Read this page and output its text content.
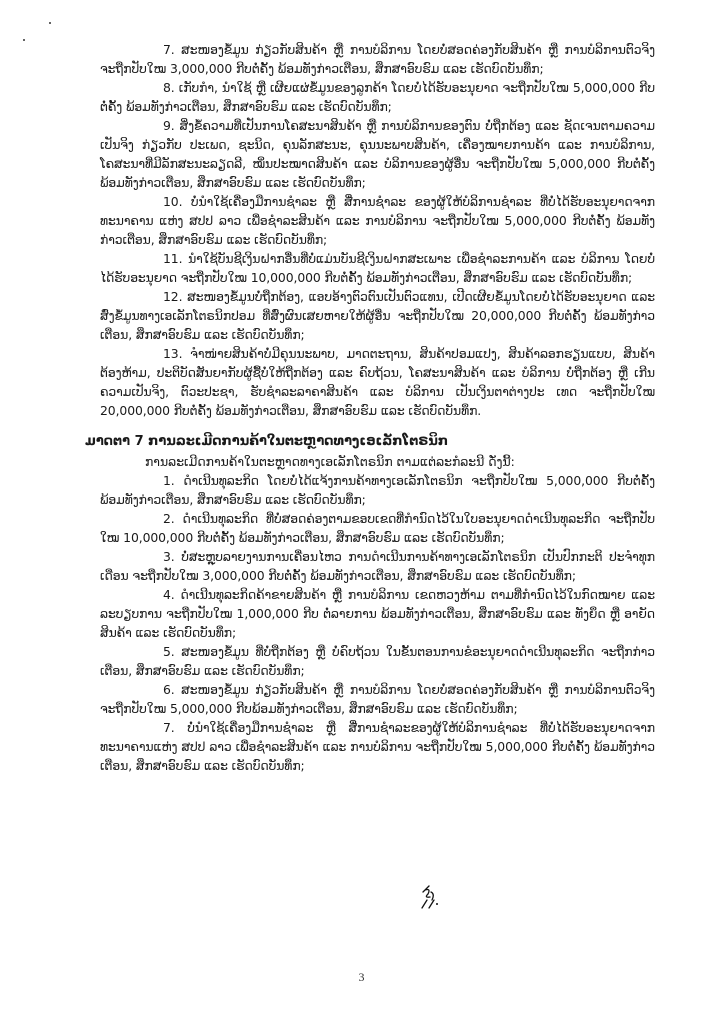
7. ສະໜອງຂໍ້ມູນ ກ່ຽວກັບສິນຄ້າ ຫຼື ການບໍລິການ ໂດຍບໍ່ສອດຄ່ອງກັບສິນຄ້າ ຫຼື ການບໍລິການຕົວຈິງ ຈະຖືກປັບໃໝ 3,000,000 ກີບຕໍ່ຄັ້ງ ພ້ອມທັງກ່າວເຕືອນ, ສຶກສາອົບຮົມ ແລະ ເຮັດບົດບັນທຶກ;

8. ເກັບກໍາ, ນໍາໃຊ້ ຫຼື ເຜີຍແຜ່ຂໍ້ມູນຂອງລູກຄ້າ ໂດຍບໍ່ໄດ້ຮັບອະນຸຍາດ ຈະຖືກປັບໃໝ 5,000,000 ກີບຕໍ່ຄັ້ງ ພ້ອມທັງກ່າວເຕືອນ, ສຶກສາອົບຮົມ ແລະ ເຮັດບົດບັນທຶກ;

9. ສິ່ງຂໍ້ຄວາມທີ່ເປັນການໂຄສະນາສິນຄ້າ ຫຼື ການບໍລິການຂອງຕົນ ບໍ່ຖືກຕ້ອງ ແລະ ຊັດເຈນຕາມຄວາມເປັນຈິງ ກ່ຽວກັບ ປະເພດ, ຊະນິດ, ຄຸນລັກສະນະ, ຄຸນນະພາບສິນຄ້າ, ເຄື່ອງໝາຍການຄ້າ ແລະ ການບໍລິການ, ໂຄສະນາທີ່ມີລັກສະນະລຽດລີ, ໝິ່ນປະໝາດສິນຄ້າ ແລະ ບໍລິການຂອງຜູ້ອື່ນ ຈະຖືກປັບໃໝ 5,000,000 ກີບຕໍ່ຄັ້ງ ພ້ອມທັງກ່າວເຕືອນ, ສຶກສາອົບຮົມ ແລະ ເຮັດບົດບັນທຶກ;

10. ບໍ່ນໍາໃຊ້ເຄື່ອງມືການຊໍາລະ ຫຼື ສື່ການຊໍາລະ ຂອງຜູ້ໃຫ້ບໍລິການຊໍາລະ ທີ່ບໍ່ໄດ້ຮັບອະນຸຍາດຈາກທະນາຄານ ແຫ່ງ ສປປ ລາວ ເພື່ອຊໍາລະສິນຄ້າ ແລະ ການບໍລິການ ຈະຖືກປັບໃໝ 5,000,000 ກີບຕໍ່ຄັ້ງ ພ້ອມທັງກ່າວເຕືອນ, ສຶກສາອົບຮົມ ແລະ ເຮັດບົດບັນທຶກ;

11. ນໍາໃຊ້ບັນຊີເງິນຝາກອື່ນທີ່ບໍ່ແມ່ນບັນຊີເງິນຝາກສະເພາະ ເພື່ອຊໍາລະການຄ້າ ແລະ ບໍລິການ ໂດຍບໍ່ໄດ້ຮັບອະນຸຍາດ ຈະຖືກປັບໃໝ 10,000,000 ກີບຕໍ່ຄັ້ງ ພ້ອມທັງກ່າວເຕືອນ, ສຶກສາອົບຮົມ ແລະ ເຮັດບົດບັນທຶກ;

12. ສະໜອງຂໍ້ມູນບໍ່ຖືກຕ້ອງ, ແອບອ້າງຕົວຕົນເປັນຕົວແທນ, ເປີດເຜີຍຂໍ້ມູນໂດຍບໍ່ໄດ້ຮັບອະນຸຍາດ ແລະ ສົ່ງຂໍ້ມູນທາງເອເລັກໂຕຣນິກປອມ ທີ່ສົ່ງຜົນເສຍຫາຍໃຫ້ຜູ້ອື່ນ ຈະຖືກປັບໃໝ 20,000,000 ກີບຕໍ່ຄັ້ງ ພ້ອມທັງກ່າວເຕືອນ, ສຶກສາອົບຮົມ ແລະ ເຮັດບົດບັນທຶກ;

13. ຈໍາໜ່າຍສິນຄ້າບໍ່ມີຄຸນນະພາບ, ມາດຕະຖານ, ສິນຄ້າປອມແປງ, ສິນຄ້າລອກຮຽນແບບ, ສິນຄ້າຕ້ອງຫ້າມ, ປະຕິບັດສັນຍາກັບຜູ້ຊື້ບໍ່ໃຫ້ຖືກຕ້ອງ ແລະ ຄົບຖ້ວນ, ໂຄສະນາສິນຄ້າ ແລະ ບໍລິການ ບໍ່ຖືກຕ້ອງ ຫຼື ເກີນຄວາມເປັນຈິງ, ຕົວະປະຊາ, ຮັບຊໍາລະລາຄາສິນຄ້າ ແລະ ບໍລິການ ເປັນເງິນຕາຕ່າງປະ ເທດ ຈະຖືກປັບໃໝ 20,000,000 ກີບຕໍ່ຄັ້ງ ພ້ອມທັງກ່າວເຕືອນ, ສຶກສາອົບຮົມ ແລະ ເຮັດບົດບັນທຶກ.

ມາດຕາ 7 ການລະເມີດການຄ້າໃນຕະຫຼາດທາງເອເລັກໂຕຣນິກ

ການລະເມີດການຄ້າໃນຕະຫຼາດທາງເອເລັກໂຕຣນິກ ຕາມແຕ່ລະກໍລະນີ ດັ່ງນີ້:

1. ດໍາເນີນທຸລະກິດ ໂດຍບໍ່ໄດ້ແຈ້ງການຄ້າທາງເອເລັກໂຕຣນິກ ຈະຖືກປັບໃໝ 5,000,000 ກີບຕໍ່ຄັ້ງ ພ້ອມທັງກ່າວເຕືອນ, ສຶກສາອົບຮົມ ແລະ ເຮັດບົດບັນທຶກ;

2. ດໍາເນີນທຸລະກິດ ທີ່ບໍ່ສອດຄ່ອງຕາມຂອບເຂດທີ່ກໍານົດໄວ້ໃນໃບອະນຸຍາດດໍາເນີນທຸລະກິດ ຈະຖືກປັບໃໝ 10,000,000 ກີບຕໍ່ຄັ້ງ ພ້ອມທັງກ່າວເຕືອນ, ສຶກສາອົບຮົມ ແລະ ເຮັດບົດບັນທຶກ;

3. ບໍ່ສະຫຼຸບລາຍງານການເຄື່ອນໄຫວ ການດໍາເນີນການຄ້າທາງເອເລັກໂຕຣນິກ ເປັນປົກກະຕິ ປະຈໍາທຸກເດືອນ ຈະຖືກປັບໃໝ 3,000,000 ກີບຕໍ່ຄັ້ງ ພ້ອມທັງກ່າວເຕືອນ, ສຶກສາອົບຮົມ ແລະ ເຮັດບົດບັນທຶກ;

4. ດໍາເນີນທຸລະກິດຄ້າຂາຍສິນຄ້າ ຫຼື ການບໍລິການ ເຂດຫວງຫ້າມ ຕາມທີ່ກໍານົດໄວ້ໃນກົດໝາຍ ແລະ ລະບຽບການ ຈະຖືກປັບໃໝ 1,000,000 ກີບ ຕໍ່ລາຍການ ພ້ອມທັງກ່າວເຕືອນ, ສຶກສາອົບຮົມ ແລະ ທັງຍຶດ ຫຼື ອາຍັດ ສິນຄ້າ ແລະ ເຮັດບົດບັນທຶກ;

5. ສະໜອງຂໍ້ມູນ ທີ່ບໍ່ຖືກຕ້ອງ ຫຼື ບໍ່ຄົບຖ້ວນ ໃນຂັ້ນຕອນການຂໍອະນຸຍາດດໍາເນີນທຸລະກິດ ຈະຖືກກ່າວເຕືອນ, ສຶກສາອົບຮົມ ແລະ ເຮັດບົດບັນທຶກ;

6. ສະໜອງຂໍ້ມູນ ກ່ຽວກັບສິນຄ້າ ຫຼື ການບໍລິການ ໂດຍບໍ່ສອດຄ່ອງກັບສິນຄ້າ ຫຼື ການບໍລິການຕົວຈິງ ຈະຖືກປັບໃໝ 5,000,000 ກີບພ້ອມທັງກ່າວເຕືອນ, ສຶກສາອົບຮົມ ແລະ ເຮັດບົດບັນທຶກ;

7. ບໍ່ນໍາໃຊ້ເຄື່ອງມືການຊໍາລະ ຫຼື ສື່ການຊໍາລະຂອງຜູ້ໃຫ້ບໍລິການຊໍາລະ ທີ່ບໍ່ໄດ້ຮັບອະນຸຍາດຈາກທະນາຄານແຫ່ງ ສປປ ລາວ ເພື່ອຊໍາລະສິນຄ້າ ແລະ ການບໍລິການ ຈະຖືກປັບໃໝ 5,000,000 ກີບຕໍ່ຄັ້ງ ພ້ອມທັງກ່າວເຕືອນ, ສຶກສາອົບຮົມ ແລະ ເຮັດບົດບັນທຶກ;

3
